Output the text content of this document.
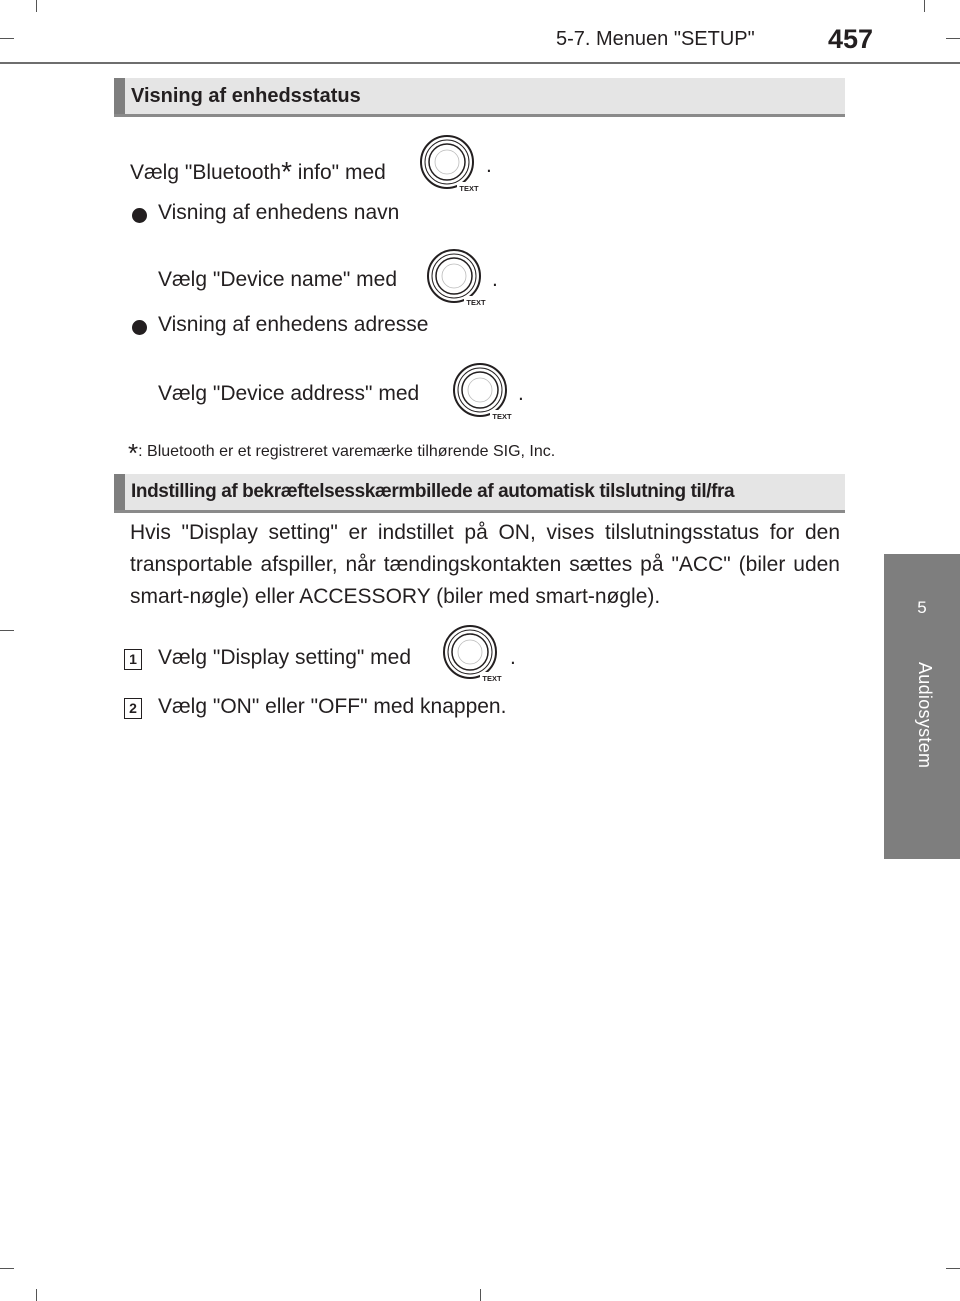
5-7. Menuen "SETUP"	457
5
Audiosystem
Visning af enhedsstatus
Vælg "Bluetooth* info" med
TEXT
.
Visning af enhedens navn
Vælg "Device name" med
TEXT
.
Visning af enhedens adresse
Vælg "Device address" med
TEXT
.
*: Bluetooth er et registreret varemærke tilhørende SIG, Inc.
Indstilling af bekræftelsesskærmbillede af automatisk tilslutning til/fra
Hvis "Display setting" er indstillet på ON, vises tilslutningsstatus for den transportable afspiller, når tændingskontakten sættes på "ACC" (biler uden smart-nøgle) eller ACCESSORY (biler med smart-nøgle).
1 Vælg "Display setting" med
TEXT
.
2 Vælg "ON" eller "OFF" med knappen.
